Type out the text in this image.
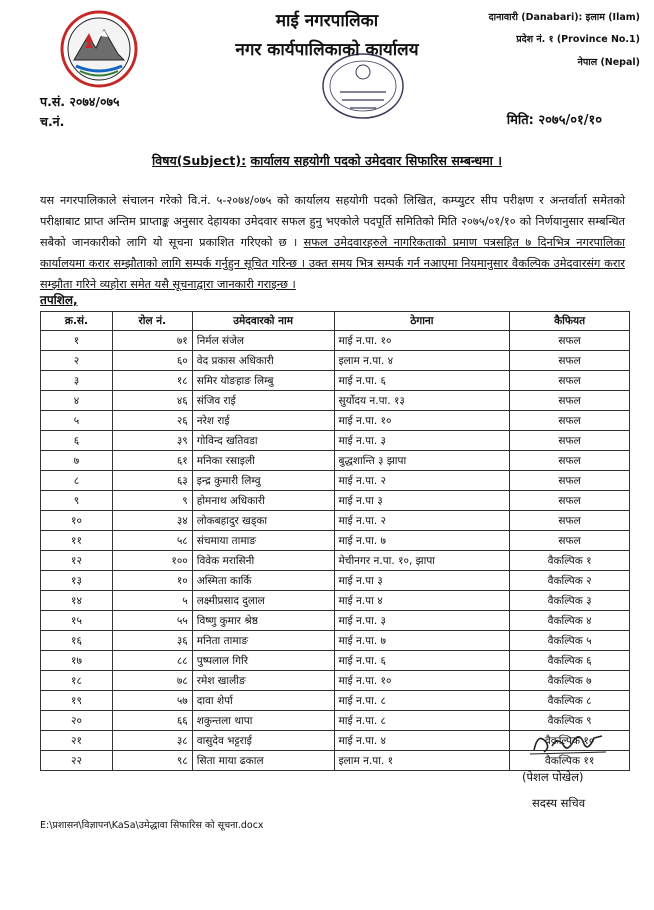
माई नगरपालिका
नगर कार्यपालिकाको कार्यालय
दानावारी (Danabari): इलाम (Ilam)
प्रदेश नं. १ (Province No.1)
नेपाल (Nepal)
प.सं. २०७४/०७५
च.नं.	मिति: २०७५/०१/१०
विषय(Subject): कार्यालय सहयोगी पदको उमेदवार सिफारिस सम्बन्धमा ।
यस नगरपालिकाले संचालन गरेको वि.नं. ५-२०७४/०७५ को कार्यालय सहयोगी पदको लिखित, कम्प्युटर सीप परीक्षण र अन्तर्वार्ता समेतको परीक्षाबाट प्राप्त अन्तिम प्राप्ताङ्क अनुसार देहायका उमेदवार सफल हुनु भएकोले पदपूर्ति समितिको मिति २०७५/०१/१० को निर्णयानुसार सम्बन्धित सबैको जानकारीको लागि यो सूचना प्रकाशित गरिएको छ । सफल उमेदवारहरुले नागरिकताको प्रमाण पत्रसहित ७ दिनभित्र नगरपालिका कार्यालयमा करार सम्झौताको लागि सम्पर्क गर्नुहुन सूचित गरिन्छ । उक्त समय भित्र सम्पर्क गर्न नआएमा नियमानुसार वैकल्पिक उमेदवारसंग करार सम्झौता गरिने व्यहोरा समेत यसै सूचनाद्वारा जानकारी गराइन्छ ।
तपशिल,
क्र.सं.	रोल नं.	उमेदवारको नाम	ठेगाना	कैफियत
१	७१	निर्मल संजेल	माई न.पा. १०	सफल
२	६०	वेद प्रकास अधिकारी	इलाम न.पा. ४	सफल
३	१८	समिर योङहाङ लिम्बु	माई न.पा. ६	सफल
४	४६	संजिव राई	सुर्योदय न.पा. १३	सफल
५	२६	नरेश राई	माई न.पा. १०	सफल
६	३९	गोविन्द खतिवडा	माई न.पा. ३	सफल
७	६१	मनिका रसाइली	बुद्धशान्ति ३ झापा	सफल
८	६३	इन्द्र कुमारी लिम्वु	माई न.पा. २	सफल
९	९	होमनाथ अधिकारी	माई न.पा ३	सफल
१०	३४	लोकबहादुर खड्का	माई न.पा. २	सफल
११	५८	संचमाया तामाङ	माई न.पा. ७	सफल
१२	१००	विवेक मरासिनी	मेचीनगर न.पा. १०, झापा	वैकल्पिक १
१३	१०	अस्मिता कार्कि	माई न.पा ३	वैकल्पिक २
१४	५	लक्ष्मीप्रसाद दुलाल	माई न.पा ४	वैकल्पिक ३
१५	५५	विष्णु कुमार श्रेष्ठ	माई न.पा. ३	वैकल्पिक ४
१६	३६	मनिता तामाङ	माई न.पा. ७	वैकल्पिक ५
१७	८८	पुष्पलाल गिरि	माई न.पा. ६	वैकल्पिक ६
१८	७८	रमेश खालीङ	माई न.पा. १०	वैकल्पिक ७
१९	५७	दावा शेर्पा	माई न.पा. ८	वैकल्पिक ८
२०	६६	शकुन्तला थापा	माई न.पा. ८	वैकल्पिक ९
२१	३८	वासुदेव भट्टराई	माई न.पा. ४	वैकल्पिक १०
२२	९८	सिता माया ढकाल	इलाम न.पा. १	वैकल्पिक ११
(पेशल पोखेल)
सदस्य सचिव
E:\प्रशासन\विज्ञापन\KaSa\उमेद्धावा सिफारिस को सूचना.docx
